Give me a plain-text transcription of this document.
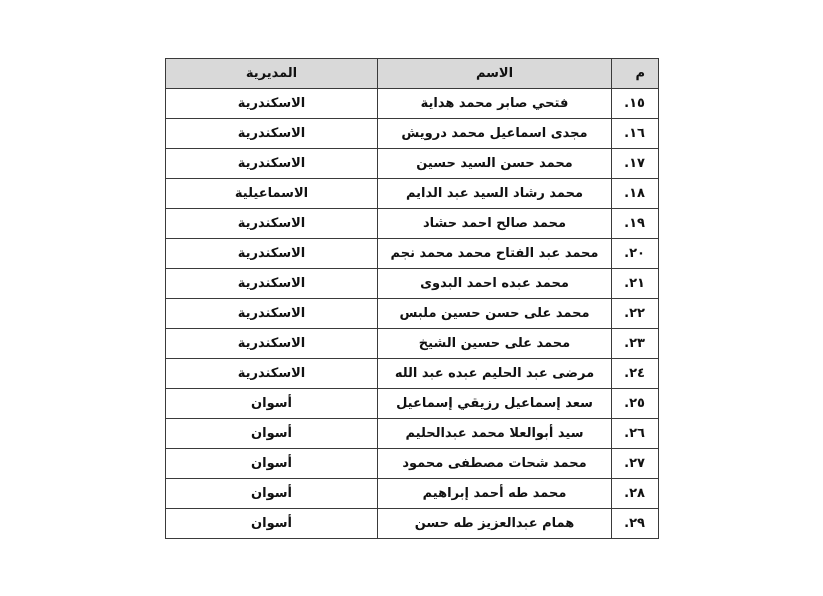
م	الاسم	المديرية
١٥.	فتحي صابر محمد هداية	الاسكندرية
١٦.	مجدى اسماعيل محمد درويش	الاسكندرية
١٧.	محمد حسن السيد حسين	الاسكندرية
١٨.	محمد رشاد السيد عبد الدايم	الاسماعيلية
١٩.	محمد صالح احمد حشاد	الاسكندرية
٢٠.	محمد عبد الفتاح محمد محمد نجم	الاسكندرية
٢١.	محمد عبده احمد البدوى	الاسكندرية
٢٢.	محمد على حسن حسين ملبس	الاسكندرية
٢٣.	محمد على حسين الشيخ	الاسكندرية
٢٤.	مرضى عبد الحليم عبده عبد الله	الاسكندرية
٢٥.	سعد إسماعيل رزيقي إسماعيل	أسوان
٢٦.	سيد أبوالعلا محمد عبدالحليم	أسوان
٢٧.	محمد شحات مصطفى محمود	أسوان
٢٨.	محمد طه أحمد إبراهيم	أسوان
٢٩.	همام عبدالعزيز طه حسن	أسوان
